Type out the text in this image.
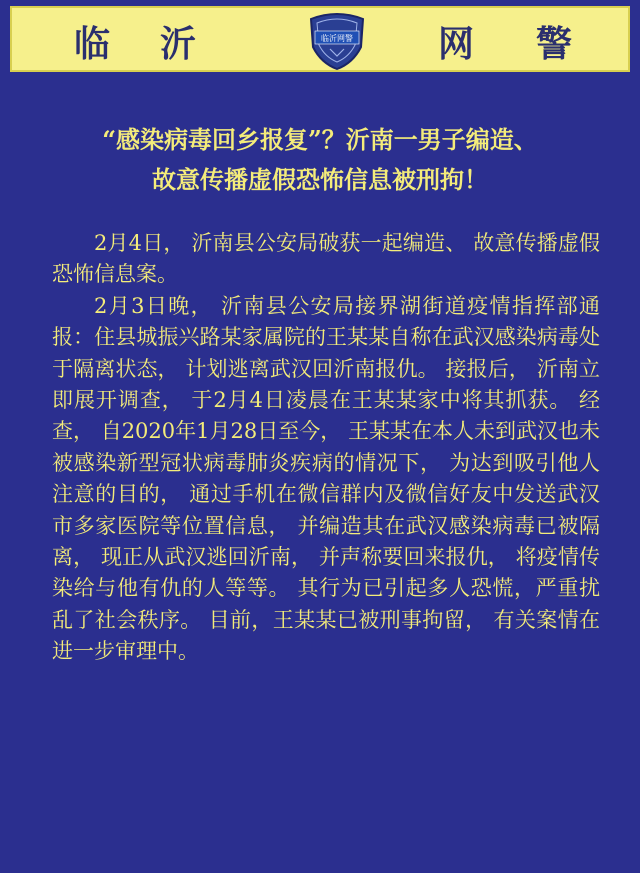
临 沂	临沂网警 网 警
“感染病毒回乡报复”？沂南一男子编造、
故意传播虚假恐怖信息被刑拘！

2月4日， 沂南县公安局破获一起编造、 故意传播虚假恐怖信息案。

2月3日晚， 沂南县公安局接界湖街道疫情指挥部通报：住县城振兴路某家属院的王某某自称在武汉感染病毒处于隔离状态， 计划逃离武汉回沂南报仇。 接报后， 沂南立即展开调查， 于2月4日凌晨在王某某家中将其抓获。 经查， 自2020年1月28日至今， 王某某在本人未到武汉也未被感染新型冠状病毒肺炎疾病的情况下， 为达到吸引他人注意的目的， 通过手机在微信群内及微信好友中发送武汉市多家医院等位置信息， 并编造其在武汉感染病毒已被隔离， 现正从武汉逃回沂南， 并声称要回来报仇， 将疫情传染给与他有仇的人等等。 其行为已引起多人恐慌，严重扰乱了社会秩序。 目前，王某某已被刑事拘留， 有关案情在进一步审理中。
